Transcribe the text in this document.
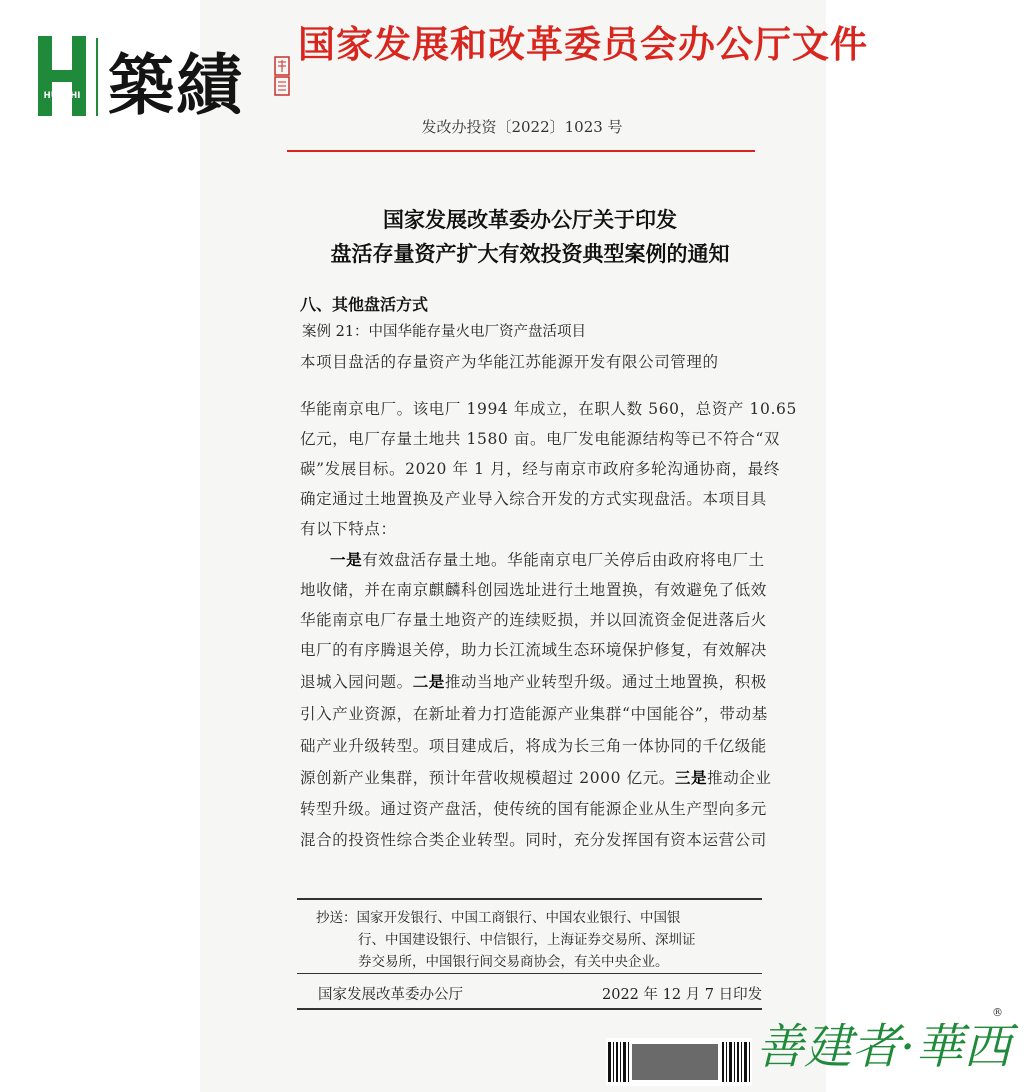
HUASHI 築績
国家发展和改革委员会办公厅文件
发改办投资〔2022〕1023 号
国家发展改革委办公厅关于印发
盘活存量资产扩大有效投资典型案例的通知
八、其他盘活方式
案例 21：中国华能存量火电厂资产盘活项目
本项目盘活的存量资产为华能江苏能源开发有限公司管理的
华能南京电厂。该电厂 1994 年成立，在职人数 560，总资产 10.65
亿元，电厂存量土地共 1580 亩。电厂发电能源结构等已不符合“双
碳”发展目标。2020 年 1 月，经与南京市政府多轮沟通协商，最终
确定通过土地置换及产业导入综合开发的方式实现盘活。本项目具
有以下特点：
一是有效盘活存量土地。华能南京电厂关停后由政府将电厂土
地收储，并在南京麒麟科创园选址进行土地置换，有效避免了低效
华能南京电厂存量土地资产的连续贬损，并以回流资金促进落后火
电厂的有序腾退关停，助力长江流域生态环境保护修复，有效解决
退城入园问题。二是推动当地产业转型升级。通过土地置换，积极
引入产业资源，在新址着力打造能源产业集群“中国能谷”，带动基
础产业升级转型。项目建成后，将成为长三角一体协同的千亿级能
源创新产业集群，预计年营收规模超过 2000 亿元。三是推动企业
转型升级。通过资产盘活，使传统的国有能源企业从生产型向多元
混合的投资性综合类企业转型。同时，充分发挥国有资本运营公司
抄送：国家开发银行、中国工商银行、中国农业银行、中国银
行、中国建设银行、中信银行，上海证券交易所、深圳证
券交易所，中国银行间交易商协会，有关中央企业。
国家发展改革委办公厅	2022 年 12 月 7 日印发
善建者·華西
®
